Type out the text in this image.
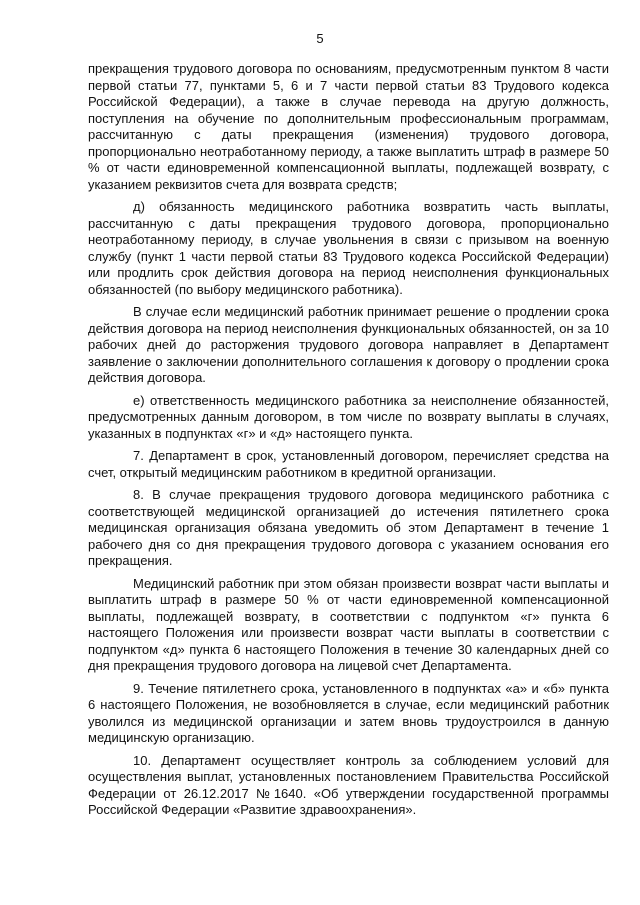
5

прекращения трудового договора по основаниям, предусмотренным пунктом 8 части первой статьи 77, пунктами 5, 6 и 7 части первой статьи 83 Трудового кодекса Российской Федерации), а также в случае перевода на другую должность, поступления на обучение по дополнительным профессиональным программам, рассчитанную с даты прекращения (изменения) трудового договора, пропорционально неотработанному периоду, а также выплатить штраф в размере 50 % от части единовременной компенсационной выплаты, подлежащей возврату, с указанием реквизитов счета для возврата средств;

д) обязанность медицинского работника возвратить часть выплаты, рассчитанную с даты прекращения трудового договора, пропорционально неотработанному периоду, в случае увольнения в связи с призывом на военную службу (пункт 1 части первой статьи 83 Трудового кодекса Российской Федерации) или продлить срок действия договора на период неисполнения функциональных обязанностей (по выбору медицинского работника).

В случае если медицинский работник принимает решение о продлении срока действия договора на период неисполнения функциональных обязанностей, он за 10 рабочих дней до расторжения трудового договора направляет в Департамент заявление о заключении дополнительного соглашения к договору о продлении срока действия договора.

е) ответственность медицинского работника за неисполнение обязанностей, предусмотренных данным договором, в том числе по возврату выплаты в случаях, указанных в подпунктах «г» и «д» настоящего пункта.

7. Департамент в срок, установленный договором, перечисляет средства на счет, открытый медицинским работником в кредитной организации.

8. В случае прекращения трудового договора медицинского работника с соответствующей медицинской организацией до истечения пятилетнего срока медицинская организация обязана уведомить об этом Департамент в течение 1 рабочего дня со дня прекращения трудового договора с указанием основания его прекращения.

Медицинский работник при этом обязан произвести возврат части выплаты и выплатить штраф в размере 50 % от части единовременной компенсационной выплаты, подлежащей возврату, в соответствии с подпунктом «г» пункта 6 настоящего Положения или произвести возврат части выплаты в соответствии с подпунктом «д» пункта 6 настоящего Положения в течение 30 календарных дней со дня прекращения трудового договора на лицевой счет Департамента.

9. Течение пятилетнего срока, установленного в подпунктах «а» и «б» пункта 6 настоящего Положения, не возобновляется в случае, если медицинский работник уволился из медицинской организации и затем вновь трудоустроился в данную медицинскую организацию.

10. Департамент осуществляет контроль за соблюдением условий для осуществления выплат, установленных постановлением Правительства Российской Федерации от 26.12.2017 №1640. «Об утверждении государственной программы Российской Федерации «Развитие здравоохранения».
